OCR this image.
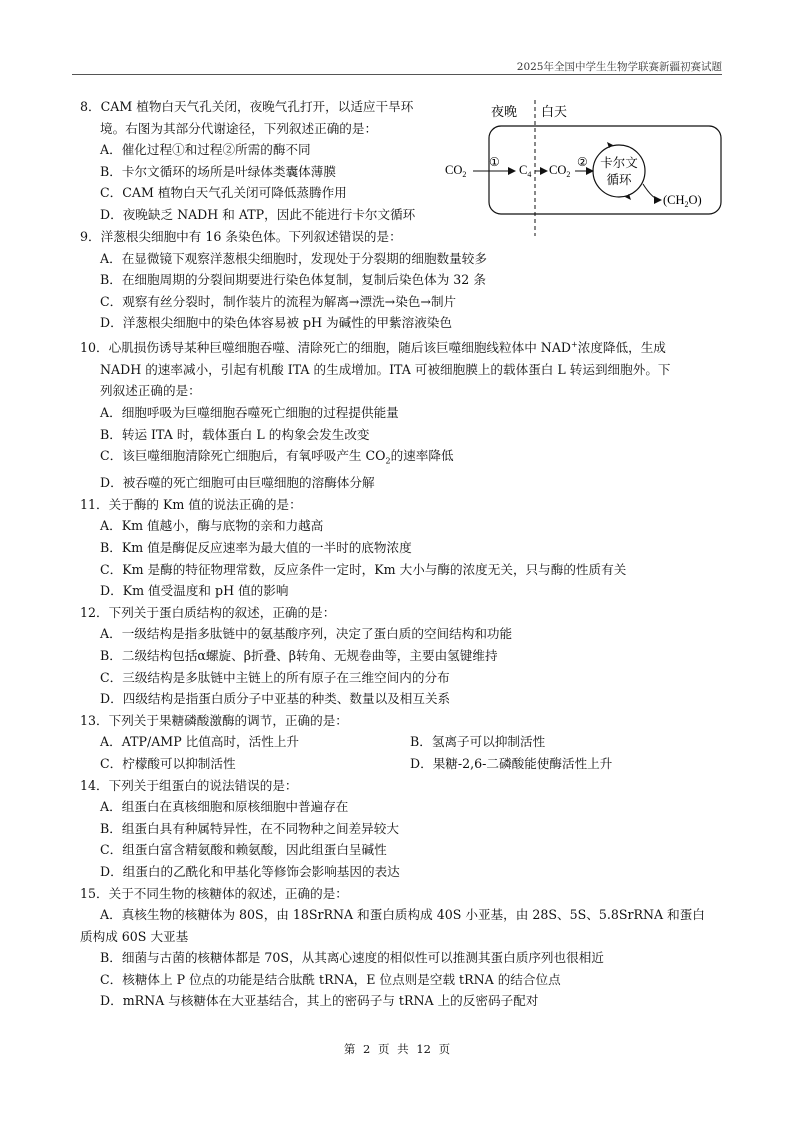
2025年全国中学生生物学联赛新疆初赛试题
8．CAM 植物白天气孔关闭，夜晚气孔打开，以适应干旱环
境。右图为其部分代谢途径，下列叙述正确的是：
A．催化过程①和过程②所需的酶不同
B．卡尔文循环的场所是叶绿体类囊体薄膜
C．CAM 植物白天气孔关闭可降低蒸腾作用
D．夜晚缺乏 NADH 和 ATP，因此不能进行卡尔文循环
夜晚 白天
$CO_2$
①
$C_4$ $CO_2$
② 卡尔文
循环
$(CH_2O)$
9．洋葱根尖细胞中有 16 条染色体。下列叙述错误的是：
A．在显微镜下观察洋葱根尖细胞时，发现处于分裂期的细胞数量较多
B．在细胞周期的分裂间期要进行染色体复制，复制后染色体为 32 条
C．观察有丝分裂时，制作装片的流程为解离→漂洗→染色→制片
D．洋葱根尖细胞中的染色体容易被 pH 为碱性的甲紫溶液染色
10．心肌损伤诱导某种巨噬细胞吞噬、清除死亡的细胞，随后该巨噬细胞线粒体中 NAD+浓度降低，生成
NADH 的速率减小，引起有机酸 ITA 的生成增加。ITA 可被细胞膜上的载体蛋白 L 转运到细胞外。下
列叙述正确的是：
A．细胞呼吸为巨噬细胞吞噬死亡细胞的过程提供能量
B．转运 ITA 时，载体蛋白 L 的构象会发生改变
C．该巨噬细胞清除死亡细胞后，有氧呼吸产生 $CO_2$的速率降低
D．被吞噬的死亡细胞可由巨噬细胞的溶酶体分解
11．关于酶的 Km 值的说法正确的是：
A．Km 值越小，酶与底物的亲和力越高
B．Km 值是酶促反应速率为最大值的一半时的底物浓度
C．Km 是酶的特征物理常数，反应条件一定时，Km 大小与酶的浓度无关，只与酶的性质有关
D．Km 值受温度和 pH 值的影响
12．下列关于蛋白质结构的叙述，正确的是：
A．一级结构是指多肽链中的氨基酸序列，决定了蛋白质的空间结构和功能
B．二级结构包括α螺旋、β折叠、β转角、无规卷曲等，主要由氢键维持
C．三级结构是多肽链中主链上的所有原子在三维空间内的分布
D．四级结构是指蛋白质分子中亚基的种类、数量以及相互关系
13．下列关于果糖磷酸激酶的调节，正确的是：
A．ATP/AMP 比值高时，活性上升	B．氢离子可以抑制活性
C．柠檬酸可以抑制活性	D．果糖-2,6-二磷酸能使酶活性上升
14．下列关于组蛋白的说法错误的是：
A．组蛋白在真核细胞和原核细胞中普遍存在
B．组蛋白具有种属特异性，在不同物种之间差异较大
C．组蛋白富含精氨酸和赖氨酸，因此组蛋白呈碱性
D．组蛋白的乙酰化和甲基化等修饰会影响基因的表达
15．关于不同生物的核糖体的叙述，正确的是：
A．真核生物的核糖体为 80S，由 18SrRNA 和蛋白质构成 40S 小亚基，由 28S、5S、5.8SrRNA 和蛋白
质构成 60S 大亚基
B．细菌与古菌的核糖体都是 70S，从其离心速度的相似性可以推测其蛋白质序列也很相近
C．核糖体上 P 位点的功能是结合肽酰 tRNA，E 位点则是空载 tRNA 的结合位点
D．mRNA 与核糖体在大亚基结合，其上的密码子与 tRNA 上的反密码子配对
第 2 页 共 12 页
